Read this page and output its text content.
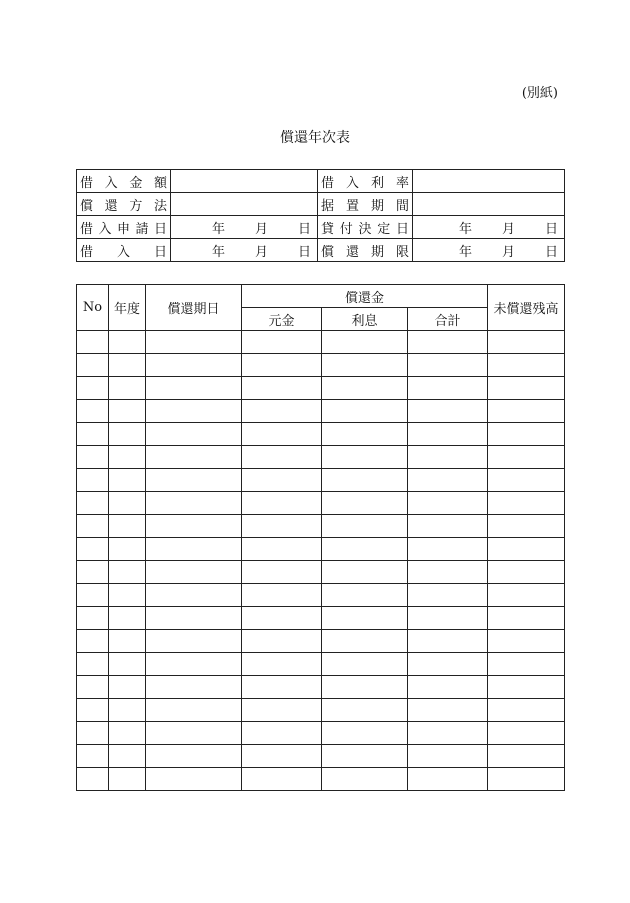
(別紙)
償還年次表
借 入 金 額		借 入 利 率	

償 還 方 法		据 置 期 間	

借 入 申 請 日	年 月 日	貸 付 決 定 日	年 月 日

借 入 日	年 月 日	償 還 期 限	年 月 日
No	年度	償還期日	償還金			未償還残高
			元金	利息	合計	
